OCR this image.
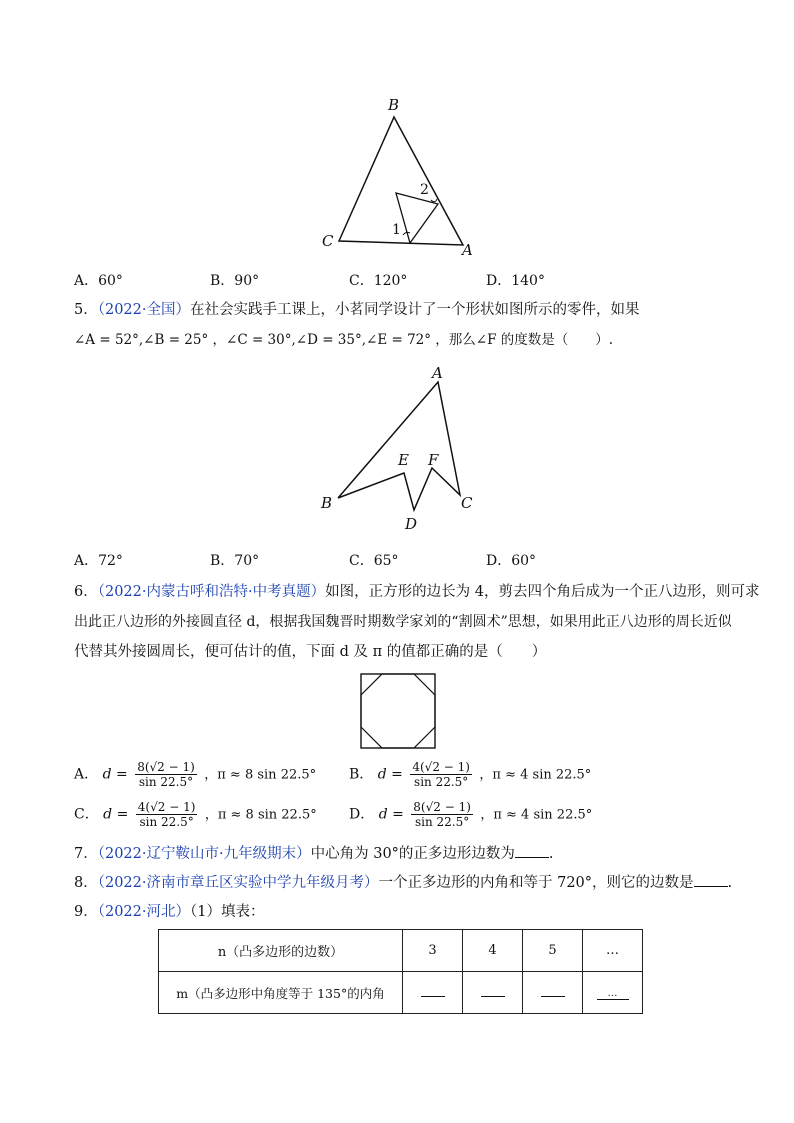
B
C	A
1
2
A．60°	B．90°	C．120°	D．140°
5．（2022·全国）在社会实践手工课上，小茗同学设计了一个形状如图所示的零件，如果
∠A = 52°,∠B = 25° ，∠C = 30°,∠D = 35°,∠E = 72° ，那么∠F 的度数是（　　）.
A
E F
B	C
D
A．72°	B．70°	C．65°	D．60°
6．（2022·内蒙古呼和浩特·中考真题）如图，正方形的边长为 4，剪去四个角后成为一个正八边形，则可求
出此正八边形的外接圆直径 d，根据我国魏晋时期数学家刘的“割圆术”思想，如果用此正八边形的周长近似
代替其外接圆周长，便可估计的值，下面 d 及 π 的值都正确的是（　　）
A． $d = \frac{8(√2 - 1)}{\sin 22.5^\circ}$ ，π ≈ 8 sin 22.5° B． $d = \frac{4(√2 - 1)}{\sin 22.5^\circ}$ ，π ≈ 4 sin 22.5°
C． $d = \frac{4(√2 - 1)}{\sin 22.5^\circ}$ ，π ≈ 8 sin 22.5° D． $d = \frac{8(√2 - 1)}{\sin 22.5^\circ}$ ，π ≈ 4 sin 22.5°
7．（2022·辽宁鞍山市·九年级期末）中心角为 30°的正多边形边数为 .
8．（2022·济南市章丘区实验中学九年级月考）一个正多边形的内角和等于 720°，则它的边数是 .
9．（2022·河北）（1）填表：
n（凸多边形的边数）	3	4	5	…
m（凸多边形中角度等于 135°的内角				…
